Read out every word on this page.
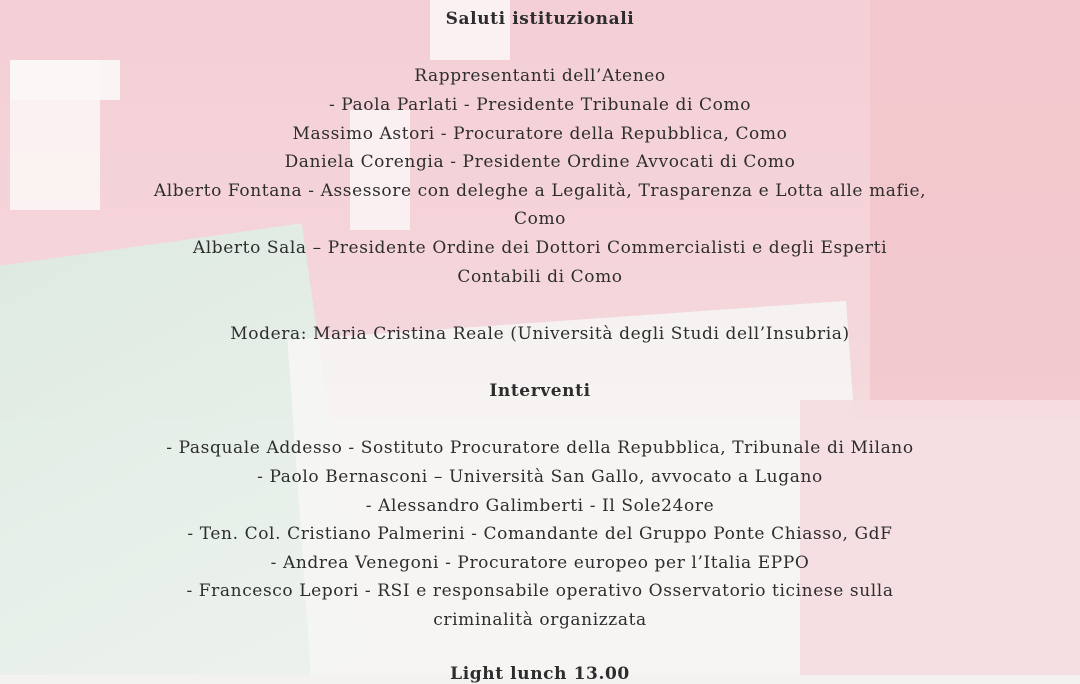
Saluti istituzionali
Rappresentanti dell’Ateneo
- Paola Parlati - Presidente Tribunale di Como
Massimo Astori - Procuratore della Repubblica, Como
Daniela Corengia - Presidente Ordine Avvocati di Como
Alberto Fontana - Assessore con deleghe a Legalità, Trasparenza e Lotta alle mafie,
Como
Alberto Sala – Presidente Ordine dei Dottori Commercialisti e degli Esperti
Contabili di Como
Modera: Maria Cristina Reale (Università degli Studi dell’Insubria)
Interventi
- Pasquale Addesso - Sostituto Procuratore della Repubblica, Tribunale di Milano
- Paolo Bernasconi – Università San Gallo, avvocato a Lugano
- Alessandro Galimberti - Il Sole24ore
- Ten. Col. Cristiano Palmerini - Comandante del Gruppo Ponte Chiasso, GdF
- Andrea Venegoni - Procuratore europeo per l’Italia EPPO
- Francesco Lepori - RSI e responsabile operativo Osservatorio ticinese sulla
criminalità organizzata
Light lunch 13.00
